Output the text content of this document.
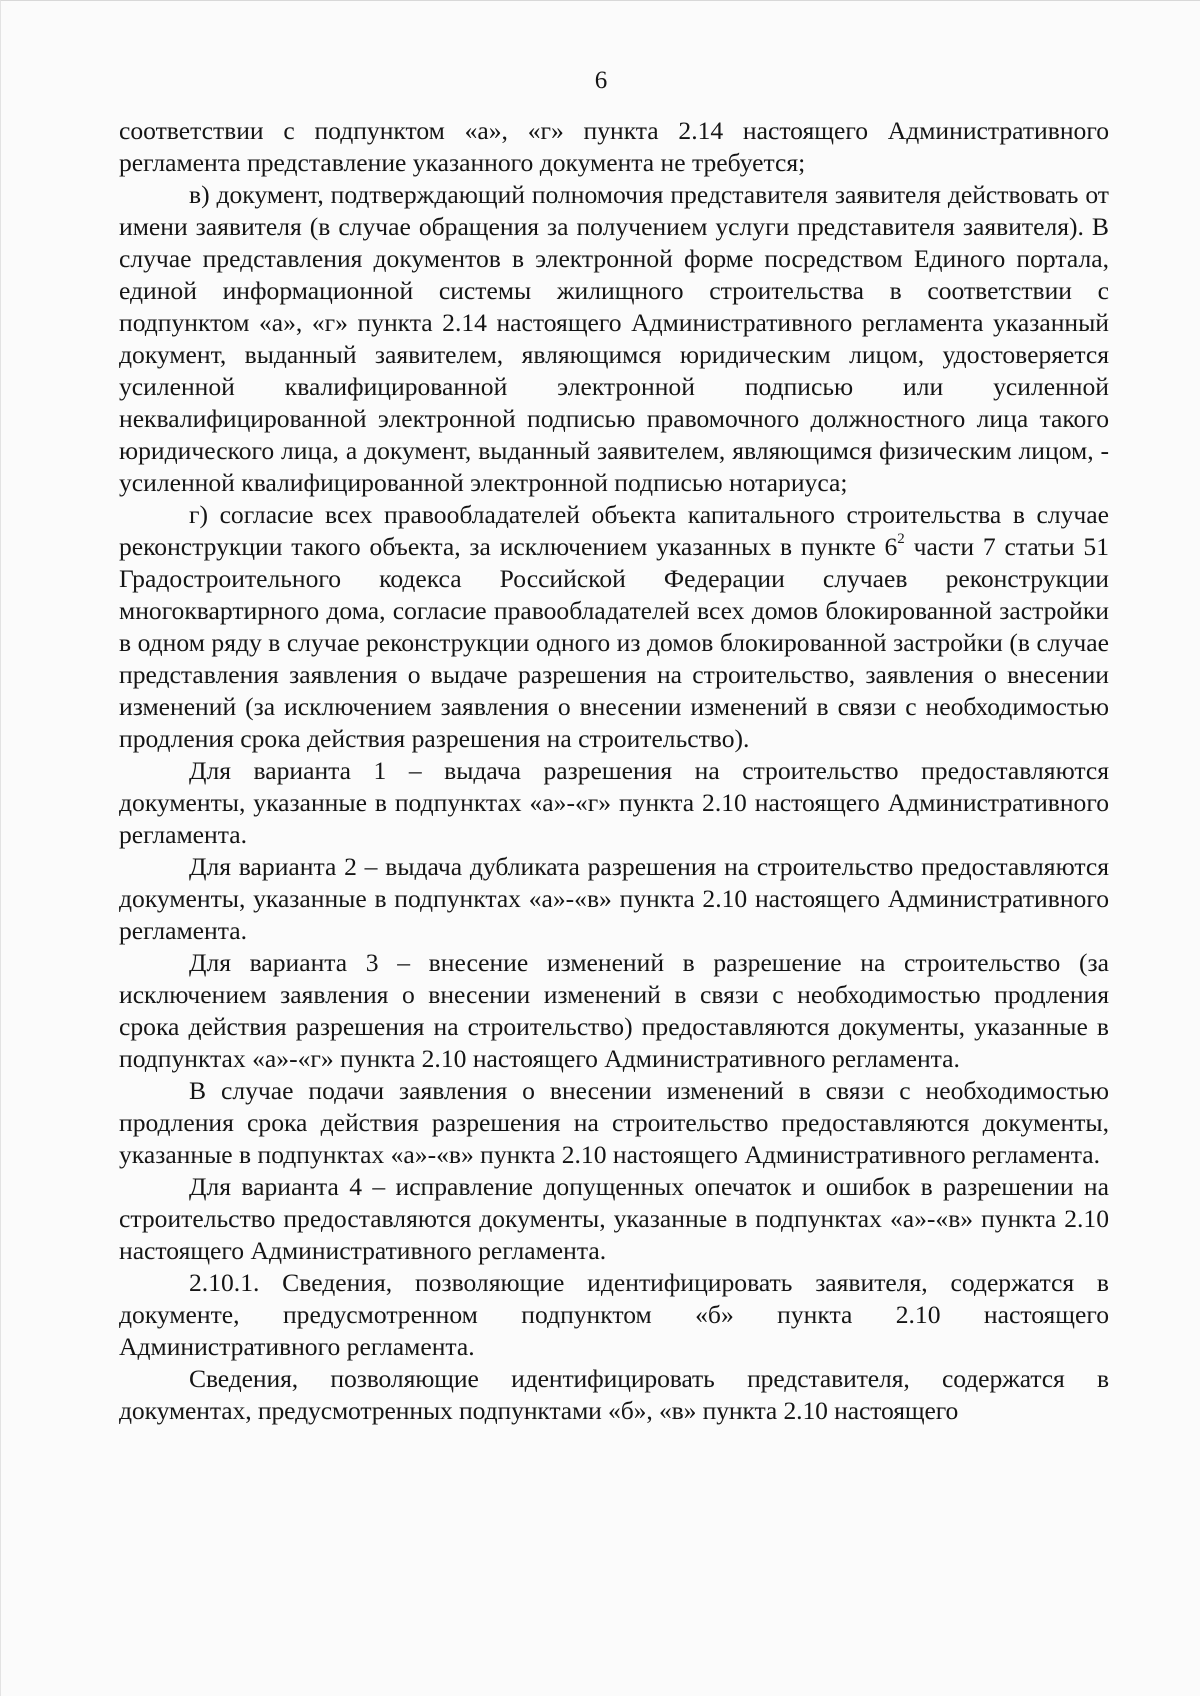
6

соответствии с подпунктом «а», «г» пункта 2.14 настоящего Административного регламента представление указанного документа не требуется;

в) документ, подтверждающий полномочия представителя заявителя действовать от имени заявителя (в случае обращения за получением услуги представителя заявителя). В случае представления документов в электронной форме посредством Единого портала, единой информационной системы жилищного строительства в соответствии с подпунктом «а», «г» пункта 2.14 настоящего Административного регламента указанный документ, выданный заявителем, являющимся юридическим лицом, удостоверяется усиленной квалифицированной электронной подписью или усиленной неквалифицированной электронной подписью правомочного должностного лица такого юридического лица, а документ, выданный заявителем, являющимся физическим лицом, - усиленной квалифицированной электронной подписью нотариуса;

г) согласие всех правообладателей объекта капитального строительства в случае реконструкции такого объекта, за исключением указанных в пункте $6^2$ части 7 статьи 51 Градостроительного кодекса Российской Федерации случаев реконструкции многоквартирного дома, согласие правообладателей всех домов блокированной застройки в одном ряду в случае реконструкции одного из домов блокированной застройки (в случае представления заявления о выдаче разрешения на строительство, заявления о внесении изменений (за исключением заявления о внесении изменений в связи с необходимостью продления срока действия разрешения на строительство).

Для варианта 1 – выдача разрешения на строительство предоставляются документы, указанные в подпунктах «а»-«г» пункта 2.10 настоящего Административного регламента.

Для варианта 2 – выдача дубликата разрешения на строительство предоставляются документы, указанные в подпунктах «а»-«в» пункта 2.10 настоящего Административного регламента.

Для варианта 3 – внесение изменений в разрешение на строительство (за исключением заявления о внесении изменений в связи с необходимостью продления срока действия разрешения на строительство) предоставляются документы, указанные в подпунктах «а»-«г» пункта 2.10 настоящего Административного регламента.

В случае подачи заявления о внесении изменений в связи с необходимостью продления срока действия разрешения на строительство предоставляются документы, указанные в подпунктах «а»-«в» пункта 2.10 настоящего Административного регламента.

Для варианта 4 – исправление допущенных опечаток и ошибок в разрешении на строительство предоставляются документы, указанные в подпунктах «а»-«в» пункта 2.10 настоящего Административного регламента.

2.10.1. Сведения, позволяющие идентифицировать заявителя, содержатся в документе, предусмотренном подпунктом «б» пункта 2.10 настоящего Административного регламента.

Сведения, позволяющие идентифицировать представителя, содержатся в документах, предусмотренных подпунктами «б», «в» пункта 2.10 настоящего
